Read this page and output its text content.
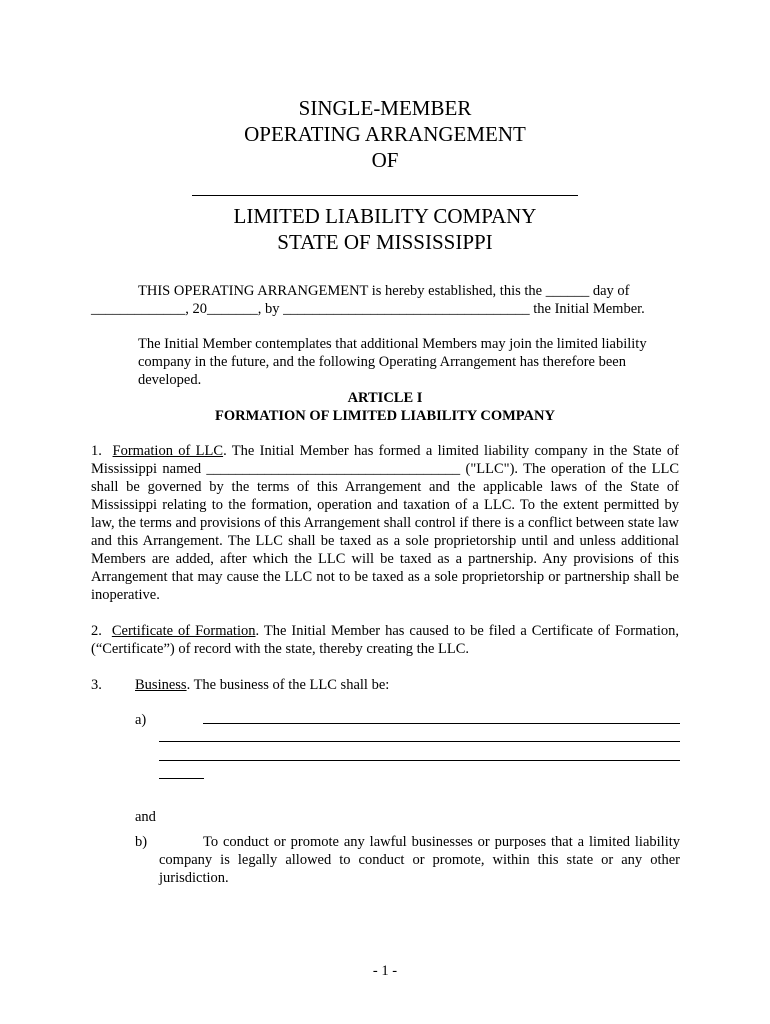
SINGLE-MEMBER
OPERATING ARRANGEMENT
OF
LIMITED LIABILITY COMPANY
STATE OF MISSISSIPPI
THIS OPERATING ARRANGEMENT is hereby established, this the ______ day of
_____________, 20_______, by __________________________________ the Initial Member.
The Initial Member contemplates that additional Members may join the limited liability company in the future, and the following Operating Arrangement has therefore been developed.
ARTICLE I
FORMATION OF LIMITED LIABILITY COMPANY
1. Formation of LLC. The Initial Member has formed a limited liability company in the State of Mississippi named ___________________________________ ("LLC"). The operation of the LLC shall be governed by the terms of this Arrangement and the applicable laws of the State of Mississippi relating to the formation, operation and taxation of a LLC. To the extent permitted by law, the terms and provisions of this Arrangement shall control if there is a conflict between state law and this Arrangement. The LLC shall be taxed as a sole proprietorship until and unless additional Members are added, after which the LLC will be taxed as a partnership. Any provisions of this Arrangement that may cause the LLC not to be taxed as a sole proprietorship or partnership shall be inoperative.
2. Certificate of Formation. The Initial Member has caused to be filed a Certificate of Formation, (“Certificate”) of record with the state, thereby creating the LLC.
3. Business. The business of the LLC shall be:
a)
and
b)	To conduct or promote any lawful businesses or purposes that a limited liability company is legally allowed to conduct or promote, within this state or any other jurisdiction.
- 1 -
